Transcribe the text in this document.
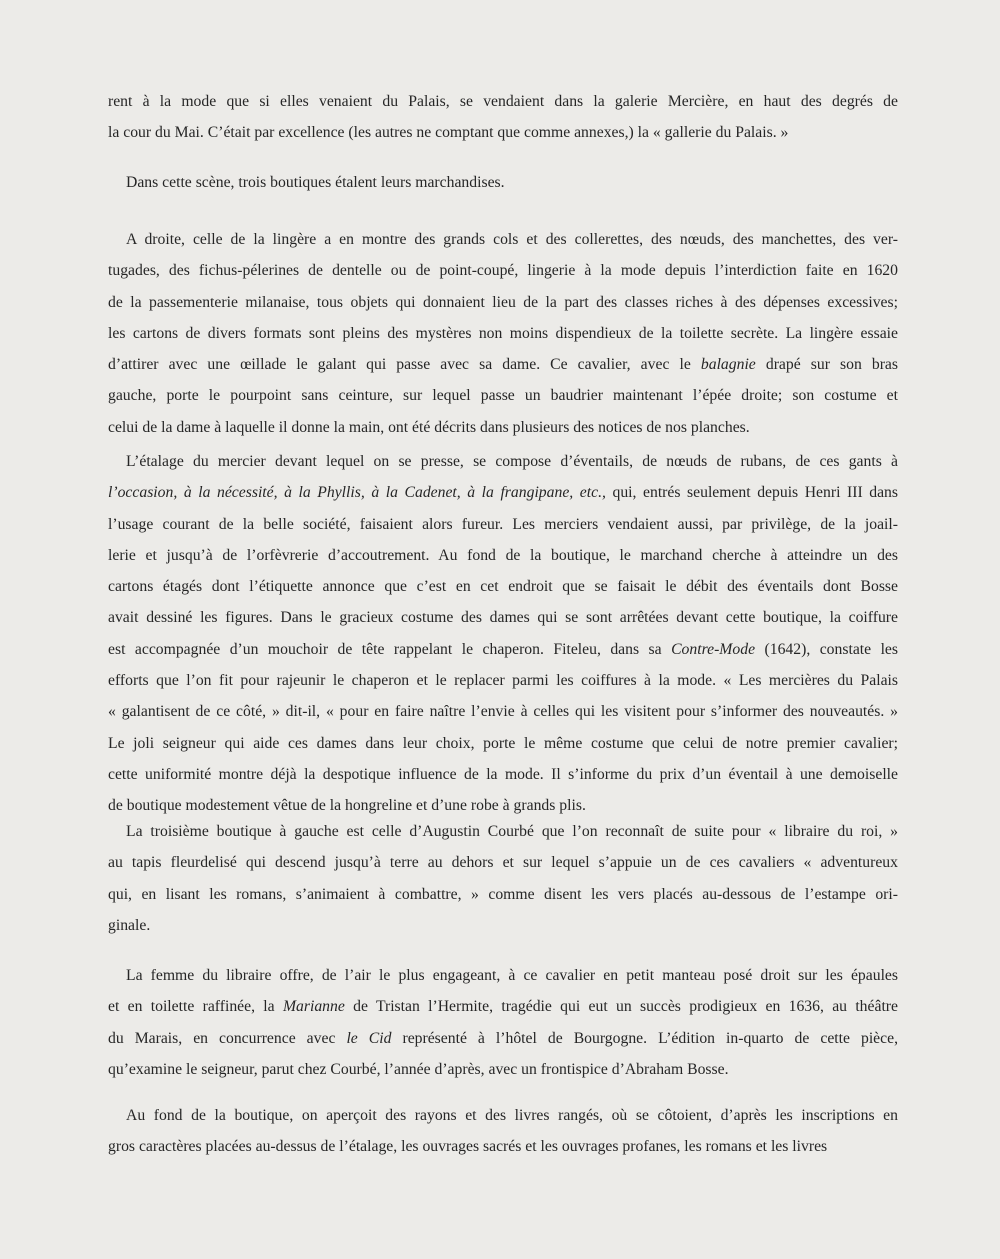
rent à la mode que si elles venaient du Palais, se vendaient dans la galerie Mercière, en haut des degrés de
la cour du Mai. C’était par excellence (les autres ne comptant que comme annexes,) la « gallerie du Palais. »

Dans cette scène, trois boutiques étalent leurs marchandises.

A droite, celle de la lingère a en montre des grands cols et des collerettes, des nœuds, des manchettes, des ver-
tugades, des fichus-pélerines de dentelle ou de point-coupé, lingerie à la mode depuis l’interdiction faite en 1620
de la passementerie milanaise, tous objets qui donnaient lieu de la part des classes riches à des dépenses excessives;
les cartons de divers formats sont pleins des mystères non moins dispendieux de la toilette secrète. La lingère essaie
d’attirer avec une œillade le galant qui passe avec sa dame. Ce cavalier, avec le balagnie drapé sur son bras
gauche, porte le pourpoint sans ceinture, sur lequel passe un baudrier maintenant l’épée droite; son costume et
celui de la dame à laquelle il donne la main, ont été décrits dans plusieurs des notices de nos planches.

L’étalage du mercier devant lequel on se presse, se compose d’éventails, de nœuds de rubans, de ces gants à
l’occasion, à la nécessité, à la Phyllis, à la Cadenet, à la frangipane, etc., qui, entrés seulement depuis Henri III dans
l’usage courant de la belle société, faisaient alors fureur. Les merciers vendaient aussi, par privilège, de la joail-
lerie et jusqu’à de l’orfèvrerie d’accoutrement. Au fond de la boutique, le marchand cherche à atteindre un des
cartons étagés dont l’étiquette annonce que c’est en cet endroit que se faisait le débit des éventails dont Bosse
avait dessiné les figures. Dans le gracieux costume des dames qui se sont arrêtées devant cette boutique, la coiffure
est accompagnée d’un mouchoir de tête rappelant le chaperon. Fiteleu, dans sa Contre-Mode (1642), constate les
efforts que l’on fit pour rajeunir le chaperon et le replacer parmi les coiffures à la mode. « Les mercières du Palais
« galantisent de ce côté, » dit-il, « pour en faire naître l’envie à celles qui les visitent pour s’informer des nouveautés. »
Le joli seigneur qui aide ces dames dans leur choix, porte le même costume que celui de notre premier cavalier;
cette uniformité montre déjà la despotique influence de la mode. Il s’informe du prix d’un éventail à une demoiselle
de boutique modestement vêtue de la hongreline et d’une robe à grands plis.

La troisième boutique à gauche est celle d’Augustin Courbé que l’on reconnaît de suite pour « libraire du roi, »
au tapis fleurdelisé qui descend jusqu’à terre au dehors et sur lequel s’appuie un de ces cavaliers « adventureux
qui, en lisant les romans, s’animaient à combattre, » comme disent les vers placés au-dessous de l’estampe ori-
ginale.

La femme du libraire offre, de l’air le plus engageant, à ce cavalier en petit manteau posé droit sur les épaules
et en toilette raffinée, la Marianne de Tristan l’Hermite, tragédie qui eut un succès prodigieux en 1636, au théâtre
du Marais, en concurrence avec le Cid représenté à l’hôtel de Bourgogne. L’édition in-quarto de cette pièce,
qu’examine le seigneur, parut chez Courbé, l’année d’après, avec un frontispice d’Abraham Bosse.

Au fond de la boutique, on aperçoit des rayons et des livres rangés, où se côtoient, d’après les inscriptions en
gros caractères placées au-dessus de l’étalage, les ouvrages sacrés et les ouvrages profanes, les romans et les livres
